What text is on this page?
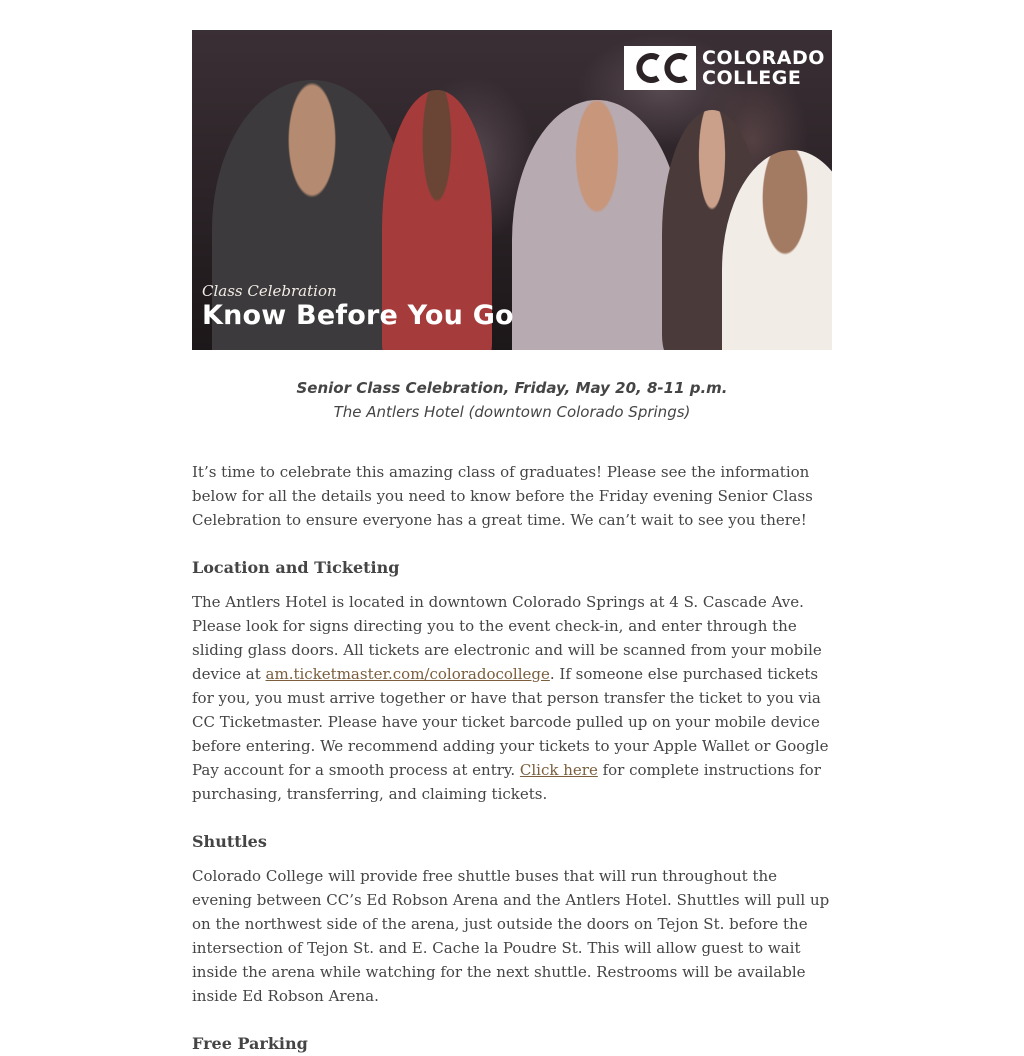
COLORADO
COLLEGE
Class Celebration
Know Before You Go
Senior Class Celebration, Friday, May 20, 8-11 p.m.
The Antlers Hotel (downtown Colorado Springs)

It’s time to celebrate this amazing class of graduates! Please see the information below for all the details you need to know before the Friday evening Senior Class Celebration to ensure everyone has a great time. We can’t wait to see you there!

Location and Ticketing

The Antlers Hotel is located in downtown Colorado Springs at 4 S. Cascade Ave. Please look for signs directing you to the event check-in, and enter through the sliding glass doors. All tickets are electronic and will be scanned from your mobile device at am.ticketmaster.com/coloradocollege. If someone else purchased tickets for you, you must arrive together or have that person transfer the ticket to you via CC Ticketmaster. Please have your ticket barcode pulled up on your mobile device before entering. We recommend adding your tickets to your Apple Wallet or Google Pay account for a smooth process at entry. Click here for complete instructions for purchasing, transferring, and claiming tickets.

Shuttles

Colorado College will provide free shuttle buses that will run throughout the evening between CC’s Ed Robson Arena and the Antlers Hotel. Shuttles will pull up on the northwest side of the arena, just outside the doors on Tejon St. before the intersection of Tejon St. and E. Cache la Poudre St. This will allow guest to wait inside the arena while watching for the next shuttle. Restrooms will be available inside Ed Robson Arena.

Free Parking
